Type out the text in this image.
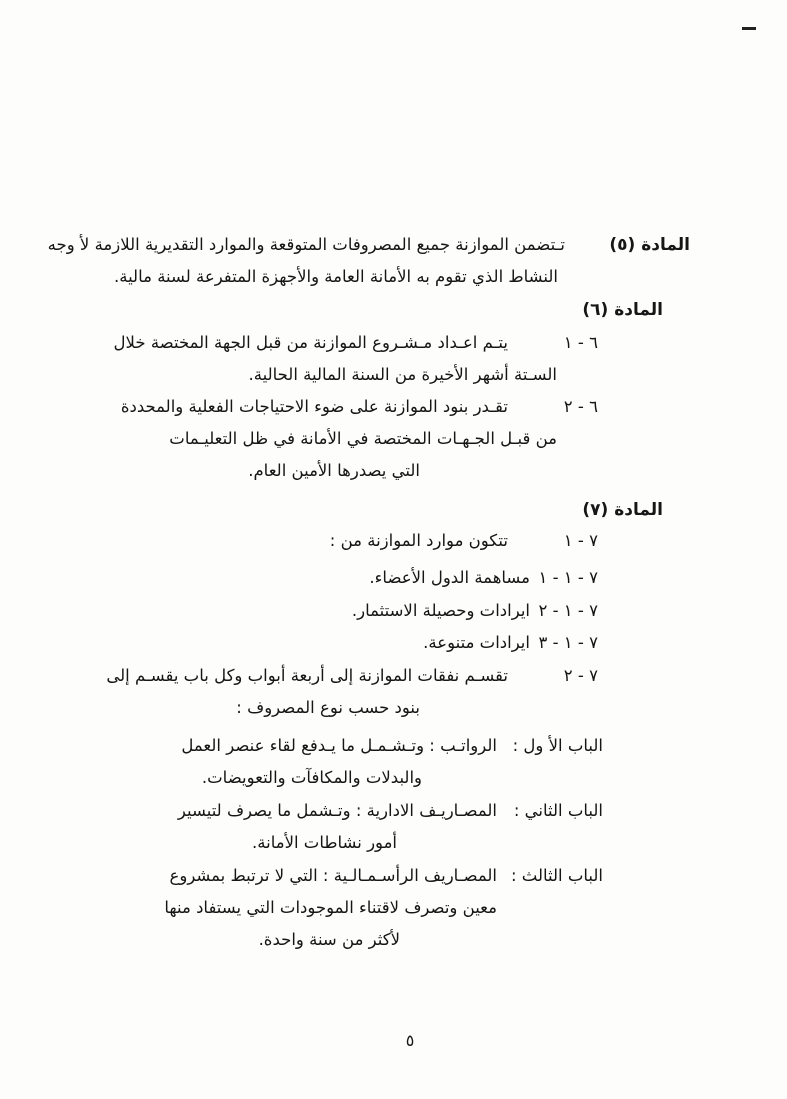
المادة (٥)
تـتضمن الموازنة جميع المصروفات المتوقعة والموارد التقديرية اللازمة لأ وجه
النشاط الذي تقوم به الأمانة العامة والأجهزة المتفرعة لسنة مالية.
المادة (٦)
٦ - ١
يتـم اعـداد مـشـروع الموازنة من قبل الجهة المختصة خلال
السـتة أشهر الأخيرة من السنة المالية الحالية.
٦ - ٢
تقـدر بنود الموازنة على ضوء الاحتياجات الفعلية والمحددة
من قبـل الجـهـات المختصة في الأمانة في ظل التعليـمات
التي يصدرها الأمين العام.
المادة (٧)
٧ - ١
تتكون موارد الموازنة من :
٧ - ١ - ١
مساهمة الدول الأعضاء.
٧ - ١ - ٢
ايرادات وحصيلة الاستثمار.
٧ - ١ - ٣
ايرادات متنوعة.
٧ - ٢
تقسـم نفقات الموازنة إلى أربعة أبواب وكل باب يقسـم إلى
بنود حسب نوع المصروف :
الباب الأ ول :
الرواتـب : وتـشـمـل ما يـدفع لقاء عنصر العمل
والبدلات والمكافآت والتعويضات.
الباب الثاني :
المصـاريـف الادارية : وتـشمل ما يصرف لتيسير
أمور نشاطات الأمانة.
الباب الثالث :
المصـاريف الرأسـمـالـية : التي لا ترتبط بمشروع
معين وتصرف لاقتناء الموجودات التي يستفاد منها
لأكثر من سنة واحدة.
٥
